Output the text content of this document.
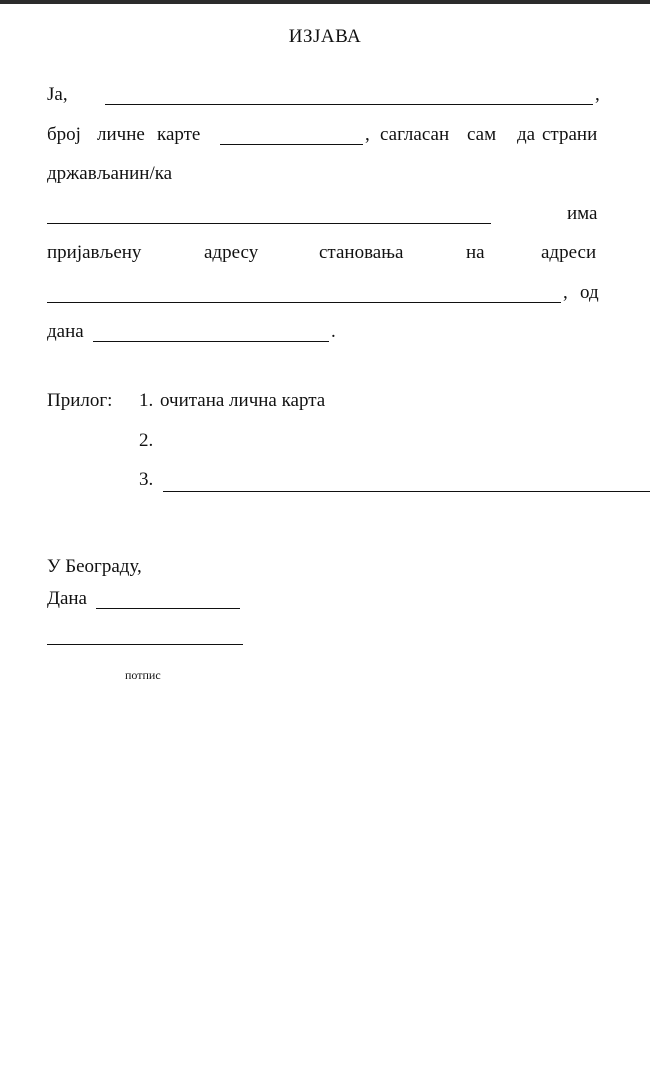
ИЗЈАВА
Ја,	,
број личне карте	, сагласан сам да страни
држављанин/ка
има
пријављену	адресу	становања	на	адреси
, од
дана	.
Прилог: 1. очитана лична карта
2.
3.
У Београду,
Дана
потпис
